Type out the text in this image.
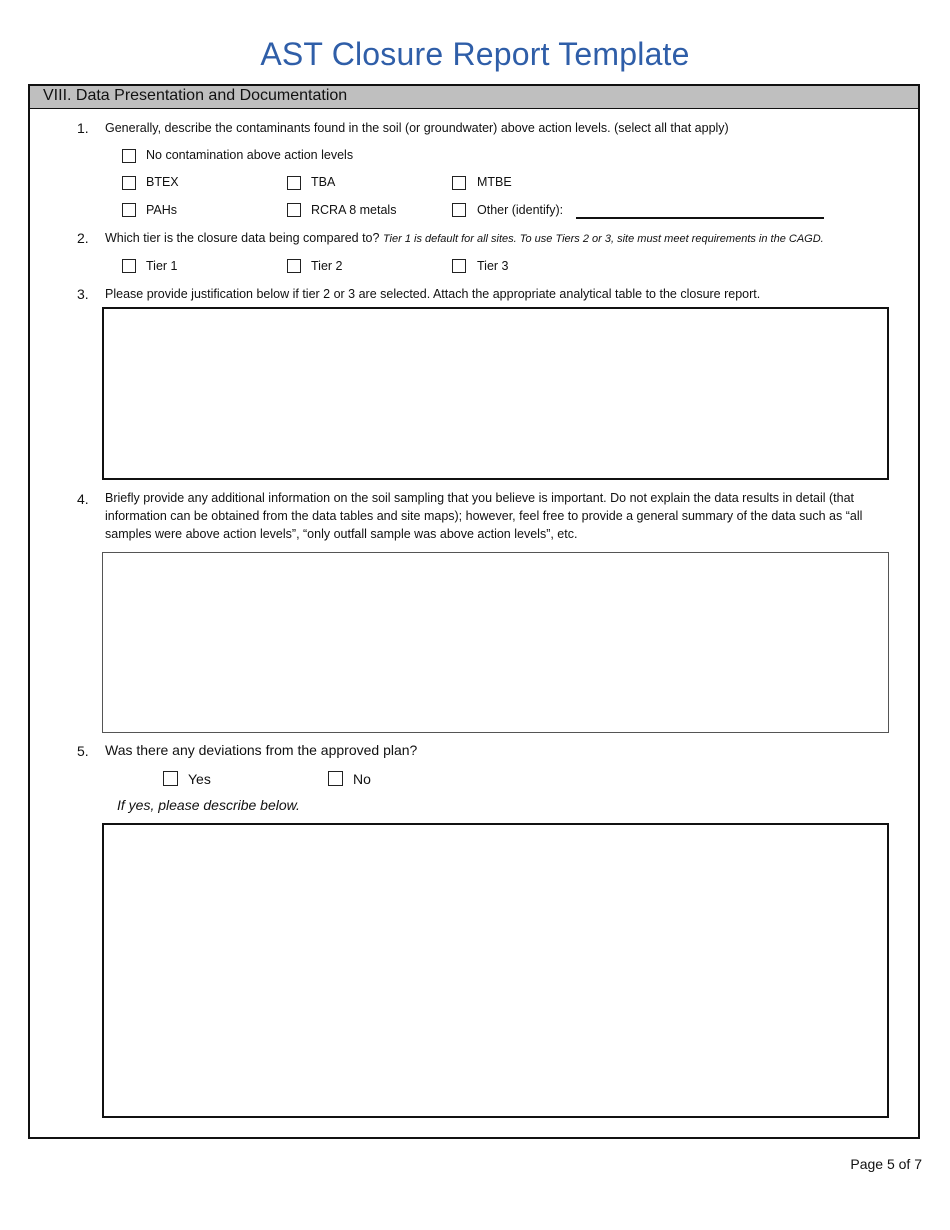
AST Closure Report Template
VIII. Data Presentation and Documentation
1. Generally, describe the contaminants found in the soil (or groundwater) above action levels. (select all that apply)
No contamination above action levels
BTEX	TBA	MTBE
PAHs	RCRA 8 metals	Other (identify):
2. Which tier is the closure data being compared to? Tier 1 is default for all sites. To use Tiers 2 or 3, site must meet requirements in the CAGD.
Tier 1	Tier 2	Tier 3
3. Please provide justification below if tier 2 or 3 are selected. Attach the appropriate analytical table to the closure report.
4. Briefly provide any additional information on the soil sampling that you believe is important. Do not explain the data results in detail (that information can be obtained from the data tables and site maps); however, feel free to provide a general summary of the data such as “all samples were above action levels”, “only outfall sample was above action levels”, etc.
5. Was there any deviations from the approved plan?
Yes	No
If yes, please describe below.
Page 5 of 7
